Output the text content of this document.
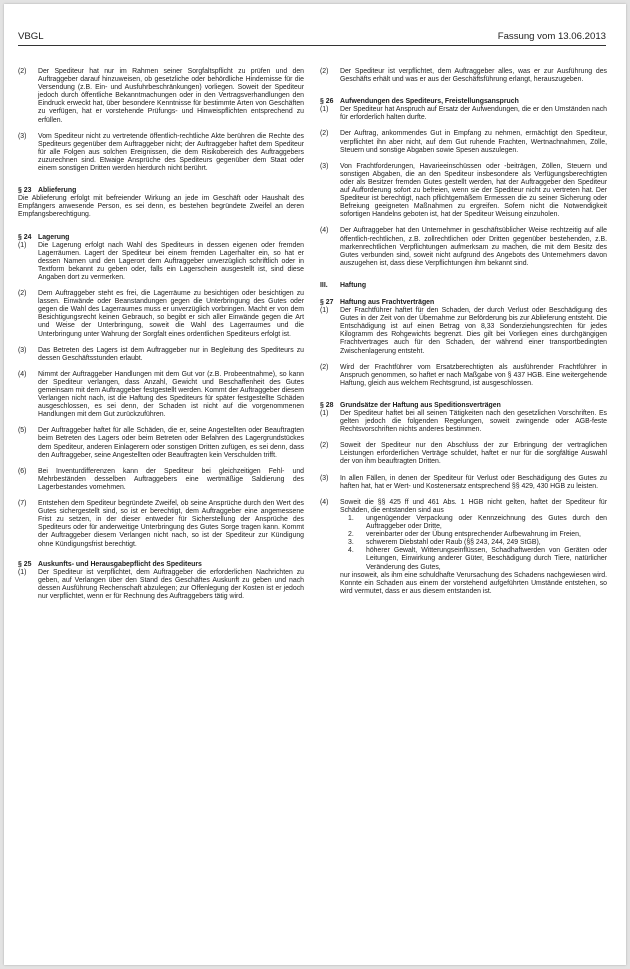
VBGL	Fassung vom 13.06.2013
(2)	Der Spediteur hat nur im Rahmen seiner Sorgfaltspflicht zu prüfen und den Auftraggeber darauf hinzuweisen, ob gesetzliche oder behördliche Hindernisse für die Versendung (z.B. Ein- und Ausfuhrbeschränkungen) vorliegen. Soweit der Spediteur jedoch durch öffentliche Bekanntmachungen oder in den Vertragsverhandlungen den Eindruck erweckt hat, über besondere Kenntnisse für bestimmte Arten von Geschäften zu verfügen, hat er vorstehende Prüfungs- und Hinweispflichten entsprechend zu erfüllen.
(3)	Vom Spediteur nicht zu vertretende öffentlich-rechtliche Akte berühren die Rechte des Spediteurs gegenüber dem Auftraggeber nicht; der Auftraggeber haftet dem Spediteur für alle Folgen aus solchen Ereignissen, die dem Risikobereich des Auftraggebers zuzurechnen sind. Etwaige Ansprüche des Spediteurs gegenüber dem Staat oder einem sonstigen Dritten werden hierdurch nicht berührt.
§ 23 Ablieferung
Die Ablieferung erfolgt mit befreiender Wirkung an jede im Geschäft oder Haushalt des Empfängers anwesende Person, es sei denn, es bestehen begründete Zweifel an deren Empfangsberechtigung.
§ 24 Lagerung
(1)	Die Lagerung erfolgt nach Wahl des Spediteurs in dessen eigenen oder fremden Lagerräumen. Lagert der Spediteur bei einem fremden Lagerhalter ein, so hat er dessen Namen und den Lagerort dem Auftraggeber unverzüglich schriftlich oder in Textform bekannt zu geben oder, falls ein Lagerschein ausgestellt ist, sind diese Angaben dort zu vermerken.
(2)	Dem Auftraggeber steht es frei, die Lagerräume zu besichtigen oder besichtigen zu lassen. Einwände oder Beanstandungen gegen die Unterbringung des Gutes oder gegen die Wahl des Lagerraumes muss er unverzüglich vorbringen. Macht er von dem Besichtigungsrecht keinen Gebrauch, so begibt er sich aller Einwände gegen die Art und Weise der Unterbringung, soweit die Wahl des Lagerraumes und die Unterbringung unter Wahrung der Sorgfalt eines ordentlichen Spediteurs erfolgt ist.
(3)	Das Betreten des Lagers ist dem Auftraggeber nur in Begleitung des Spediteurs zu dessen Geschäftsstunden erlaubt.
(4)	Nimmt der Auftraggeber Handlungen mit dem Gut vor (z.B. Probeentnahme), so kann der Spediteur verlangen, dass Anzahl, Gewicht und Beschaffenheit des Gutes gemeinsam mit dem Auftraggeber festgestellt werden. Kommt der Auftraggeber diesem Verlangen nicht nach, ist die Haftung des Spediteurs für später festgestellte Schäden ausgeschlossen, es sei denn, der Schaden ist nicht auf die vorgenommenen Handlungen mit dem Gut zurückzuführen.
(5)	Der Auftraggeber haftet für alle Schäden, die er, seine Angestellten oder Beauftragten beim Betreten des Lagers oder beim Betreten oder Befahren des Lagergrundstückes dem Spediteur, anderen Einlagerern oder sonstigen Dritten zufügen, es sei denn, dass den Auftraggeber, seine Angestellten oder Beauftragten kein Verschulden trifft.
(6)	Bei Inventurdifferenzen kann der Spediteur bei gleichzeitigen Fehl- und Mehrbeständen desselben Auftraggebers eine wertmäßige Saldierung des Lagerbestandes vornehmen.
(7)	Entstehen dem Spediteur begründete Zweifel, ob seine Ansprüche durch den Wert des Gutes sichergestellt sind, so ist er berechtigt, dem Auftraggeber eine angemessene Frist zu setzen, in der dieser entweder für Sicherstellung der Ansprüche des Spediteurs oder für anderweitige Unterbringung des Gutes Sorge tragen kann. Kommt der Auftraggeber diesem Verlangen nicht nach, so ist der Spediteur zur Kündigung ohne Kündigungsfrist berechtigt.
§ 25 Auskunfts- und Herausgabepflicht des Spediteurs
(1)	Der Spediteur ist verpflichtet, dem Auftraggeber die erforderlichen Nachrichten zu geben, auf Verlangen über den Stand des Geschäftes Auskunft zu geben und nach dessen Ausführung Rechenschaft abzulegen; zur Offenlegung der Kosten ist er jedoch nur verpflichtet, wenn er für Rechnung des Auftraggebers tätig wird.
(2)	Der Spediteur ist verpflichtet, dem Auftraggeber alles, was er zur Ausführung des Geschäfts erhält und was er aus der Geschäftsführung erlangt, herauszugeben.
§ 26 Aufwendungen des Spediteurs, Freistellungsanspruch
(1)	Der Spediteur hat Anspruch auf Ersatz der Aufwendungen, die er den Umständen nach für erforderlich halten durfte.
(2)	Der Auftrag, ankommendes Gut in Empfang zu nehmen, ermächtigt den Spediteur, verpflichtet ihn aber nicht, auf dem Gut ruhende Frachten, Wertnachnahmen, Zölle, Steuern und sonstige Abgaben sowie Spesen auszulegen.
(3)	Von Frachtforderungen, Havarieeinschüssen oder -beiträgen, Zöllen, Steuern und sonstigen Abgaben, die an den Spediteur insbesondere als Verfügungsberechtigten oder als Besitzer fremden Gutes gestellt werden, hat der Auftraggeber den Spediteur auf Aufforderung sofort zu befreien, wenn sie der Spediteur nicht zu vertreten hat. Der Spediteur ist berechtigt, nach pflichtgemäßem Ermessen die zu seiner Sicherung oder Befreiung geeigneten Maßnahmen zu ergreifen. Sofern nicht die Notwendigkeit sofortigen Handelns geboten ist, hat der Spediteur Weisung einzuholen.
(4)	Der Auftraggeber hat den Unternehmer in geschäftsüblicher Weise rechtzeitig auf alle öffentlich-rechtlichen, z.B. zollrechtlichen oder Dritten gegenüber bestehenden, z.B. markenrechtlichen Verpflichtungen aufmerksam zu machen, die mit dem Besitz des Gutes verbunden sind, soweit nicht aufgrund des Angebots des Unternehmers davon auszugehen ist, dass diese Verpflichtungen ihm bekannt sind.
III.	Haftung
§ 27 Haftung aus Frachtverträgen
(1)	Der Frachtführer haftet für den Schaden, der durch Verlust oder Beschädigung des Gutes in der Zeit von der Übernahme zur Beförderung bis zur Ablieferung entsteht. Die Entschädigung ist auf einen Betrag von 8,33 Sonderziehungsrechten für jedes Kilogramm des Rohgewichts begrenzt. Dies gilt bei Vorliegen eines durchgängigen Frachtvertrages auch für den Schaden, der während einer transportbedingten Zwischenlagerung entsteht.
(2)	Wird der Frachtführer vom Ersatzberechtigten als ausführender Frachtführer in Anspruch genommen, so haftet er nach Maßgabe von § 437 HGB. Eine weitergehende Haftung, gleich aus welchem Rechtsgrund, ist ausgeschlossen.
§ 28 Grundsätze der Haftung aus Speditionsverträgen
(1)	Der Spediteur haftet bei all seinen Tätigkeiten nach den gesetzlichen Vorschriften. Es gelten jedoch die folgenden Regelungen, soweit zwingende oder AGB-feste Rechtsvorschriften nichts anderes bestimmen.
(2)	Soweit der Spediteur nur den Abschluss der zur Erbringung der vertraglichen Leistungen erforderlichen Verträge schuldet, haftet er nur für die sorgfältige Auswahl der von ihm beauftragten Dritten.
(3)	In allen Fällen, in denen der Spediteur für Verlust oder Beschädigung des Gutes zu haften hat, hat er Wert- und Kostenersatz entsprechend §§ 429, 430 HGB zu leisten.
(4)	Soweit die §§ 425 ff und 461 Abs. 1 HGB nicht gelten, haftet der Spediteur für Schäden, die entstanden sind aus
1.	ungenügender Verpackung oder Kennzeichnung des Gutes durch den Auftraggeber oder Dritte,
2.	vereinbarter oder der Übung entsprechender Aufbewahrung im Freien,
3.	schwerem Diebstahl oder Raub (§§ 243, 244, 249 StGB),
4.	höherer Gewalt, Witterungseinflüssen, Schadhaftwerden von Geräten oder Leitungen, Einwirkung anderer Güter, Beschädigung durch Tiere, natürlicher Veränderung des Gutes,
nur insoweit, als ihm eine schuldhafte Verursachung des Schadens nachgewiesen wird. Konnte ein Schaden aus einem der vorstehend aufgeführten Umstände entstehen, so wird vermutet, dass er aus diesem entstanden ist.
